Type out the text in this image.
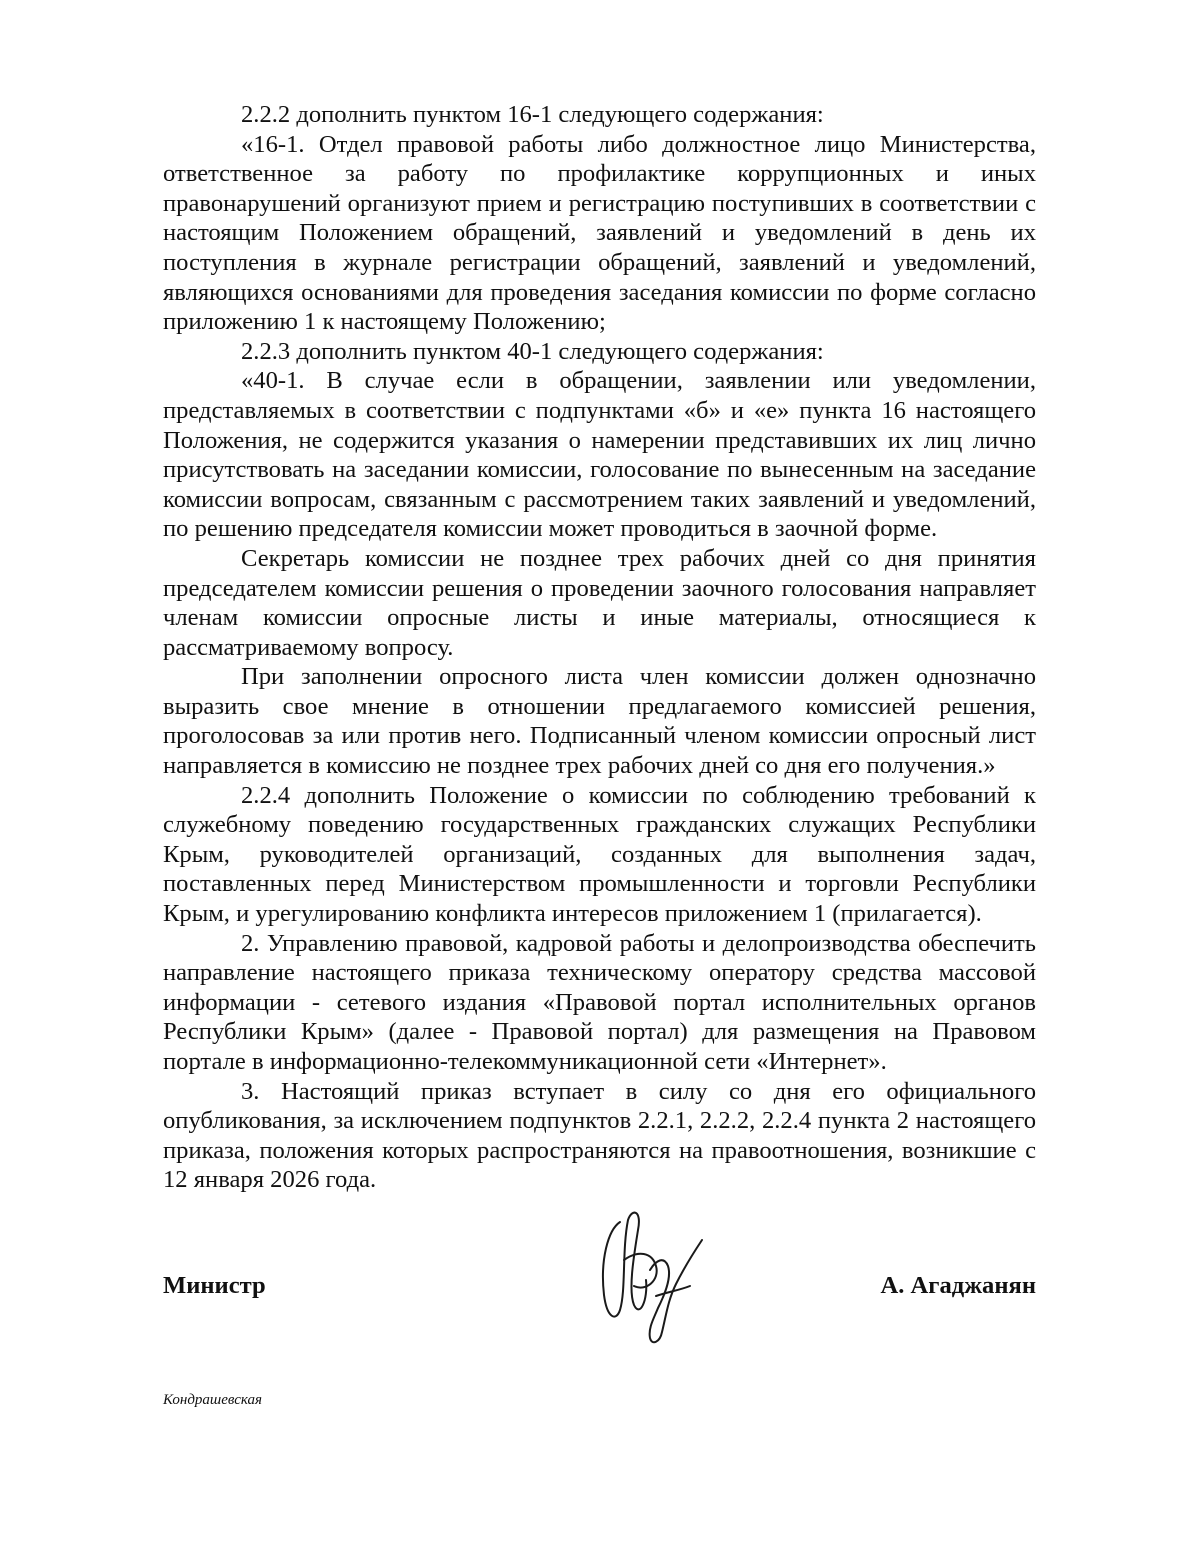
2.2.2 дополнить пунктом 16-1 следующего содержания:

«16-1. Отдел правовой работы либо должностное лицо Министерства, ответственное за работу по профилактике коррупционных и иных правонарушений организуют прием и регистрацию поступивших в соответствии с настоящим Положением обращений, заявлений и уведомлений в день их поступления в журнале регистрации обращений, заявлений и уведомлений, являющихся основаниями для проведения заседания комиссии по форме согласно приложению 1 к настоящему Положению;

2.2.3 дополнить пунктом 40-1 следующего содержания:

«40-1. В случае если в обращении, заявлении или уведомлении, представляемых в соответствии с подпунктами «б» и «е» пункта 16 настоящего Положения, не содержится указания о намерении представивших их лиц лично присутствовать на заседании комиссии, голосование по вынесенным на заседание комиссии вопросам, связанным с рассмотрением таких заявлений и уведомлений, по решению председателя комиссии может проводиться в заочной форме.

Секретарь комиссии не позднее трех рабочих дней со дня принятия председателем комиссии решения о проведении заочного голосования направляет членам комиссии опросные листы и иные материалы, относящиеся к рассматриваемому вопросу.

При заполнении опросного листа член комиссии должен однозначно выразить свое мнение в отношении предлагаемого комиссией решения, проголосовав за или против него. Подписанный членом комиссии опросный лист направляется в комиссию не позднее трех рабочих дней со дня его получения.»

2.2.4 дополнить Положение о комиссии по соблюдению требований к служебному поведению государственных гражданских служащих Республики Крым, руководителей организаций, созданных для выполнения задач, поставленных перед Министерством промышленности и торговли Республики Крым, и урегулированию конфликта интересов приложением 1 (прилагается).

2. Управлению правовой, кадровой работы и делопроизводства обеспечить направление настоящего приказа техническому оператору средства массовой информации - сетевого издания «Правовой портал исполнительных органов Республики Крым» (далее - Правовой портал) для размещения на Правовом портале в информационно-телекоммуникационной сети «Интернет».

3. Настоящий приказ вступает в силу со дня его официального опубликования, за исключением подпунктов 2.2.1, 2.2.2, 2.2.4 пункта 2 настоящего приказа, положения которых распространяются на правоотношения, возникшие с 12 января 2026 года.

Министр	А. Агаджанян
Кондрашевская
